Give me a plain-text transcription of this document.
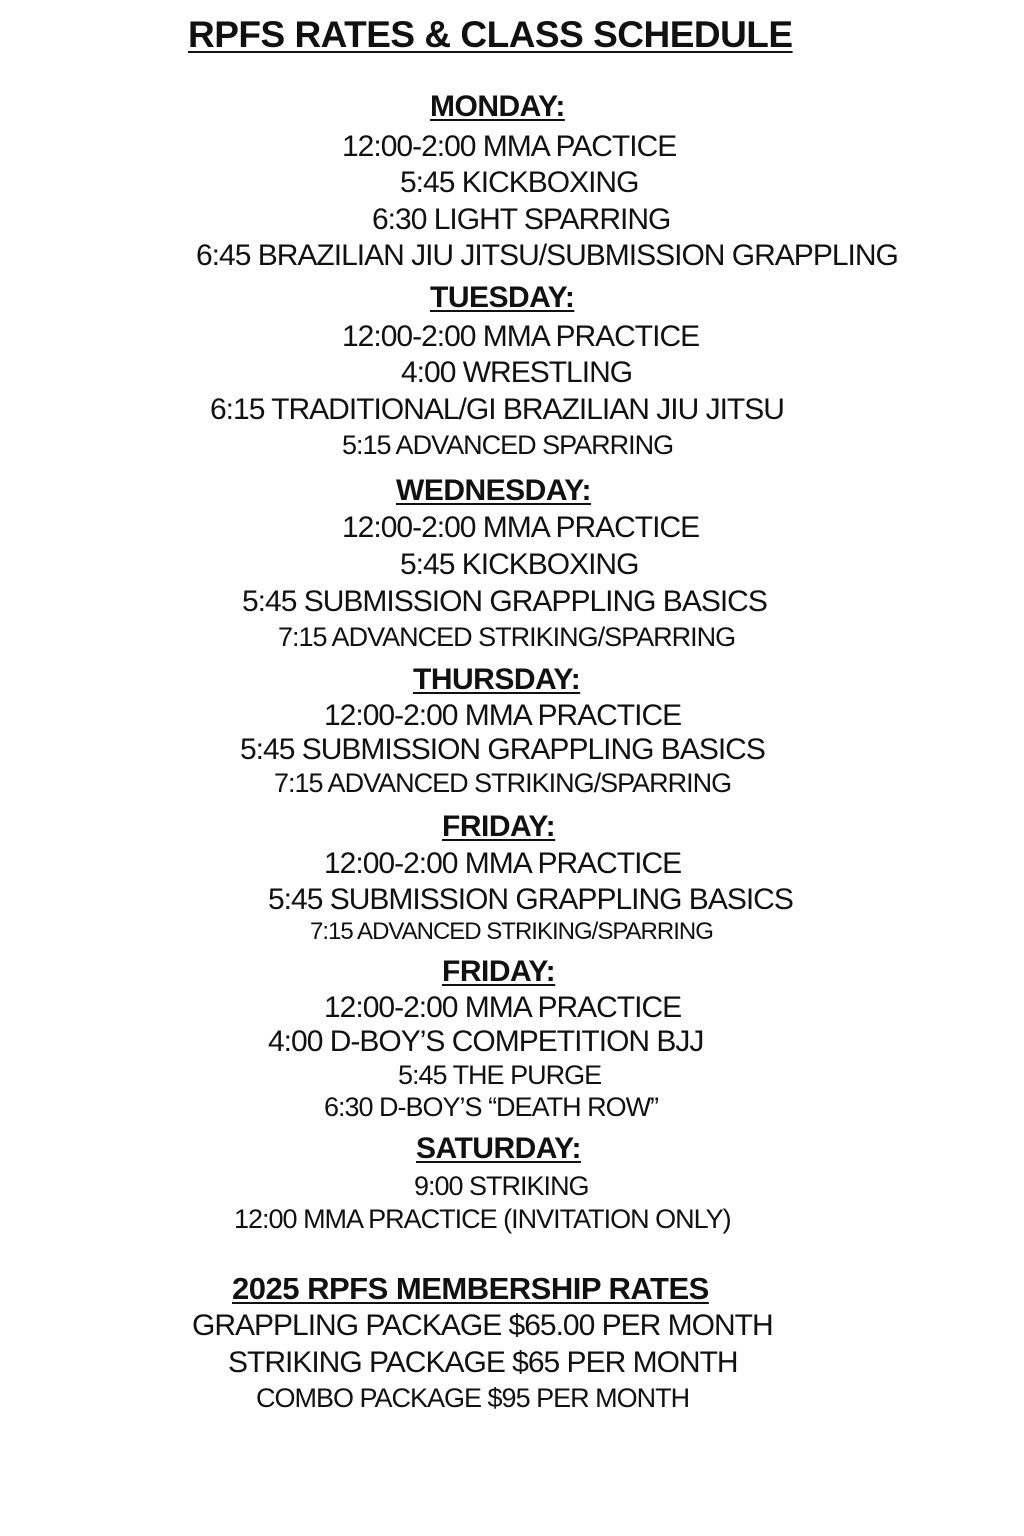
RPFS RATES & CLASS SCHEDULE
MONDAY:
12:00-2:00 MMA PACTICE
5:45 KICKBOXING
6:30 LIGHT SPARRING
6:45 BRAZILIAN JIU JITSU/SUBMISSION GRAPPLING
TUESDAY:
12:00-2:00 MMA PRACTICE
4:00 WRESTLING
6:15 TRADITIONAL/GI BRAZILIAN JIU JITSU
5:15 ADVANCED SPARRING
WEDNESDAY:
12:00-2:00 MMA PRACTICE
5:45 KICKBOXING
5:45 SUBMISSION GRAPPLING BASICS
7:15 ADVANCED STRIKING/SPARRING
THURSDAY:
12:00-2:00 MMA PRACTICE
5:45 SUBMISSION GRAPPLING BASICS
7:15 ADVANCED STRIKING/SPARRING
FRIDAY:
12:00-2:00 MMA PRACTICE
5:45 SUBMISSION GRAPPLING BASICS
7:15 ADVANCED STRIKING/SPARRING
FRIDAY:
12:00-2:00 MMA PRACTICE
4:00 D-BOY’S COMPETITION BJJ
5:45 THE PURGE
6:30 D-BOY’S “DEATH ROW”
SATURDAY:
9:00 STRIKING
12:00 MMA PRACTICE (INVITATION ONLY)
2025 RPFS MEMBERSHIP RATES
GRAPPLING PACKAGE $65.00 PER MONTH
STRIKING PACKAGE $65 PER MONTH
COMBO PACKAGE $95 PER MONTH
